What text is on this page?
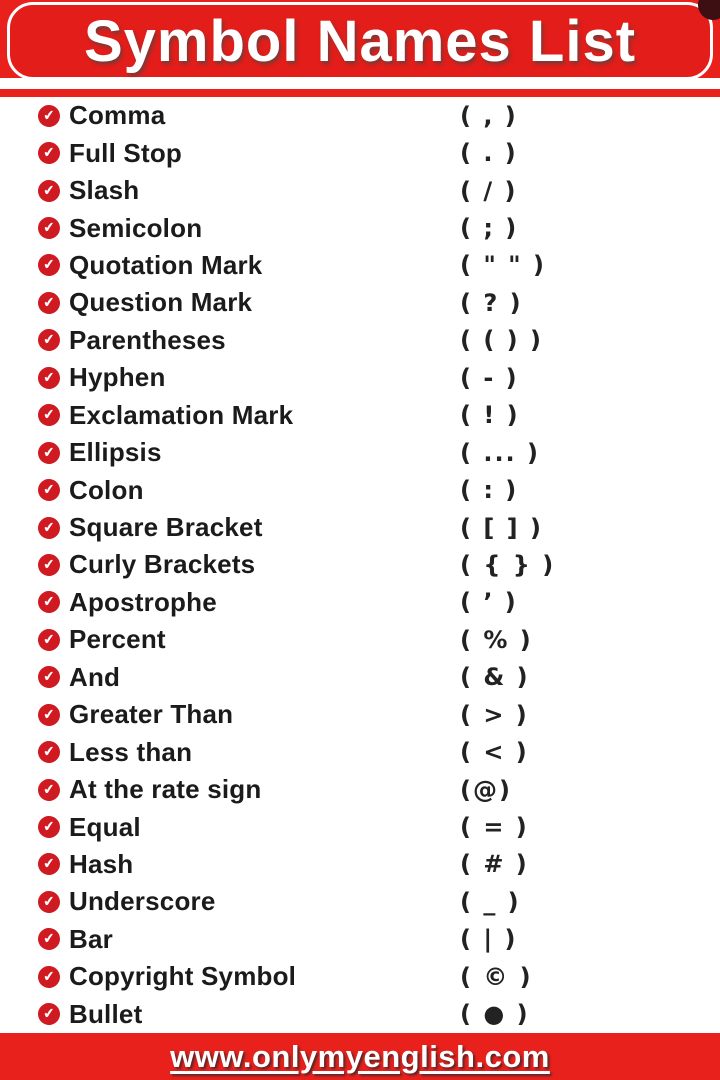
Symbol Names List
✔ Comma	( , )
✔ Full Stop	( . )
✔ Slash	( / )
✔ Semicolon	( ; )
✔ Quotation Mark	( " " )
✔ Question Mark	( ? )
✔ Parentheses	( ( ) )
✔ Hyphen	( - )
✔ Exclamation Mark	( ! )
✔ Ellipsis	( ... )
✔ Colon	( : )
✔ Square Bracket	( [ ] )
✔ Curly Brackets	( { } )
✔ Apostrophe	( ’ )
✔ Percent	( % )
✔ And	( & )
✔ Greater Than	( > )
✔ Less than	( < )
✔ At the rate sign	(@)
✔ Equal	( = )
✔ Hash	( # )
✔ Underscore	( _ )
✔ Bar	( | )
✔ Copyright Symbol	( © )
✔ Bullet	( ● )
www.onlymyenglish.com
